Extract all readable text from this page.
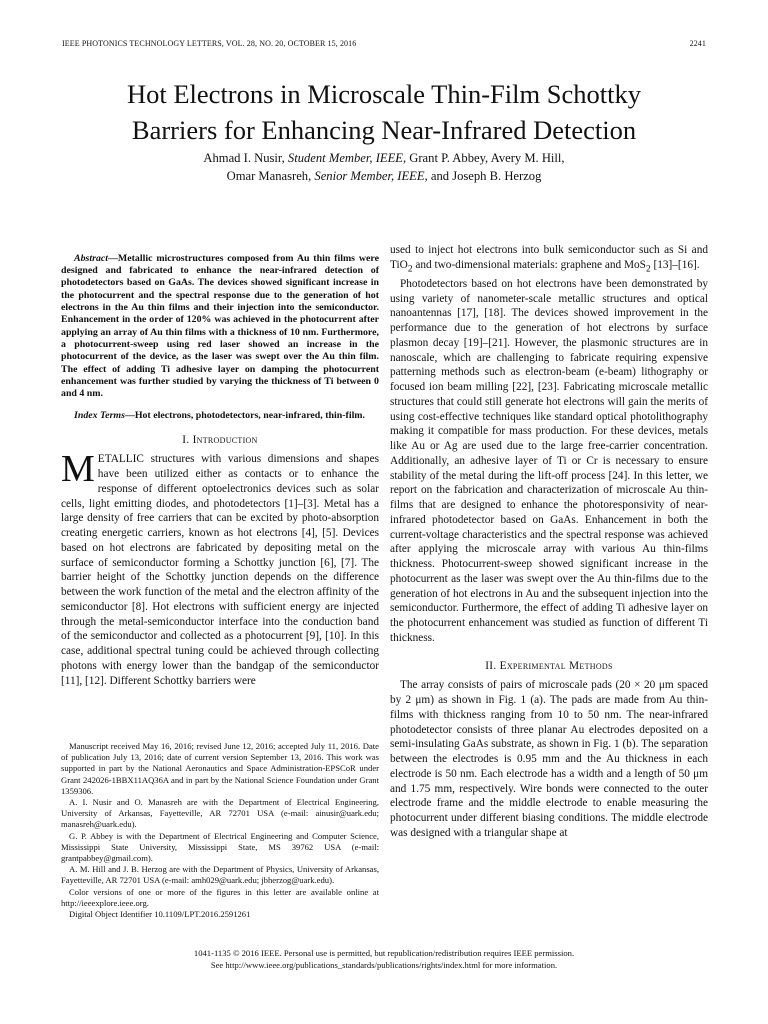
IEEE PHOTONICS TECHNOLOGY LETTERS, VOL. 28, NO. 20, OCTOBER 15, 2016	2241
Hot Electrons in Microscale Thin-Film Schottky
Barriers for Enhancing Near-Infrared Detection
Ahmad I. Nusir, Student Member, IEEE, Grant P. Abbey, Avery M. Hill,
Omar Manasreh, Senior Member, IEEE, and Joseph B. Herzog

Abstract—Metallic microstructures composed from Au thin films were designed and fabricated to enhance the near-infrared detection of photodetectors based on GaAs. The devices showed significant increase in the photocurrent and the spectral response due to the generation of hot electrons in the Au thin films and their injection into the semiconductor. Enhancement in the order of 120% was achieved in the photocurrent after applying an array of Au thin films with a thickness of 10 nm. Furthermore, a photocurrent-sweep using red laser showed an increase in the photocurrent of the device, as the laser was swept over the Au thin film. The effect of adding Ti adhesive layer on damping the photocurrent enhancement was further studied by varying the thickness of Ti between 0 and 4 nm.

Index Terms—Hot electrons, photodetectors, near-infrared, thin-film.

I. Introduction

METALLIC structures with various dimensions and shapes have been utilized either as contacts or to enhance the response of different optoelectronics devices such as solar cells, light emitting diodes, and photodetectors [1]–[3]. Metal has a large density of free carriers that can be excited by photo-absorption creating energetic carriers, known as hot electrons [4], [5]. Devices based on hot electrons are fabricated by depositing metal on the surface of semiconductor forming a Schottky junction [6], [7]. The barrier height of the Schottky junction depends on the difference between the work function of the metal and the electron affinity of the semiconductor [8]. Hot electrons with sufficient energy are injected through the metal-semiconductor interface into the conduction band of the semiconductor and collected as a photocurrent [9], [10]. In this case, additional spectral tuning could be achieved through collecting photons with energy lower than the bandgap of the semiconductor [11], [12]. Different Schottky barriers were

Manuscript received May 16, 2016; revised June 12, 2016; accepted July 11, 2016. Date of publication July 13, 2016; date of current version September 13, 2016. This work was supported in part by the National Aeronautics and Space Administration-EPSCoR under Grant 242026-1BBX11AQ36A and in part by the National Science Foundation under Grant 1359306.

A. I. Nusir and O. Manasreh are with the Department of Electrical Engineering, University of Arkansas, Fayetteville, AR 72701 USA (e-mail: ainusir@uark.edu; manasreh@uark.edu).

G. P. Abbey is with the Department of Electrical Engineering and Computer Science, Mississippi State University, Mississippi State, MS 39762 USA (e-mail: grantpabbey@gmail.com).

A. M. Hill and J. B. Herzog are with the Department of Physics, University of Arkansas, Fayetteville, AR 72701 USA (e-mail: amh029@uark.edu; jbherzog@uark.edu).

Color versions of one or more of the figures in this letter are available online at http://ieeexplore.ieee.org.

Digital Object Identifier 10.1109/LPT.2016.2591261

used to inject hot electrons into bulk semiconductor such as Si and TiO$_2$ and two-dimensional materials: graphene and MoS$_2$ [13]–[16].

Photodetectors based on hot electrons have been demonstrated by using variety of nanometer-scale metallic structures and optical nanoantennas [17], [18]. The devices showed improvement in the performance due to the generation of hot electrons by surface plasmon decay [19]–[21]. However, the plasmonic structures are in nanoscale, which are challenging to fabricate requiring expensive patterning methods such as electron-beam (e-beam) lithography or focused ion beam milling [22], [23]. Fabricating microscale metallic structures that could still generate hot electrons will gain the merits of using cost-effective techniques like standard optical photolithography making it compatible for mass production. For these devices, metals like Au or Ag are used due to the large free-carrier concentration. Additionally, an adhesive layer of Ti or Cr is necessary to ensure stability of the metal during the lift-off process [24]. In this letter, we report on the fabrication and characterization of microscale Au thin-films that are designed to enhance the photoresponsivity of near-infrared photodetector based on GaAs. Enhancement in both the current-voltage characteristics and the spectral response was achieved after applying the microscale array with various Au thin-films thickness. Photocurrent-sweep showed significant increase in the photocurrent as the laser was swept over the Au thin-films due to the generation of hot electrons in Au and the subsequent injection into the semiconductor. Furthermore, the effect of adding Ti adhesive layer on the photocurrent enhancement was studied as function of different Ti thickness.

II. Experimental Methods

The array consists of pairs of microscale pads (20 × 20 μm spaced by 2 μm) as shown in Fig. 1 (a). The pads are made from Au thin-films with thickness ranging from 10 to 50 nm. The near-infrared photodetector consists of three planar Au electrodes deposited on a semi-insulating GaAs substrate, as shown in Fig. 1 (b). The separation between the electrodes is 0.95 mm and the Au thickness in each electrode is 50 nm. Each electrode has a width and a length of 50 μm and 1.75 mm, respectively. Wire bonds were connected to the outer electrode frame and the middle electrode to enable measuring the photocurrent under different biasing conditions. The middle electrode was designed with a triangular shape at

1041-1135 © 2016 IEEE. Personal use is permitted, but republication/redistribution requires IEEE permission.
See http://www.ieee.org/publications_standards/publications/rights/index.html for more information.
